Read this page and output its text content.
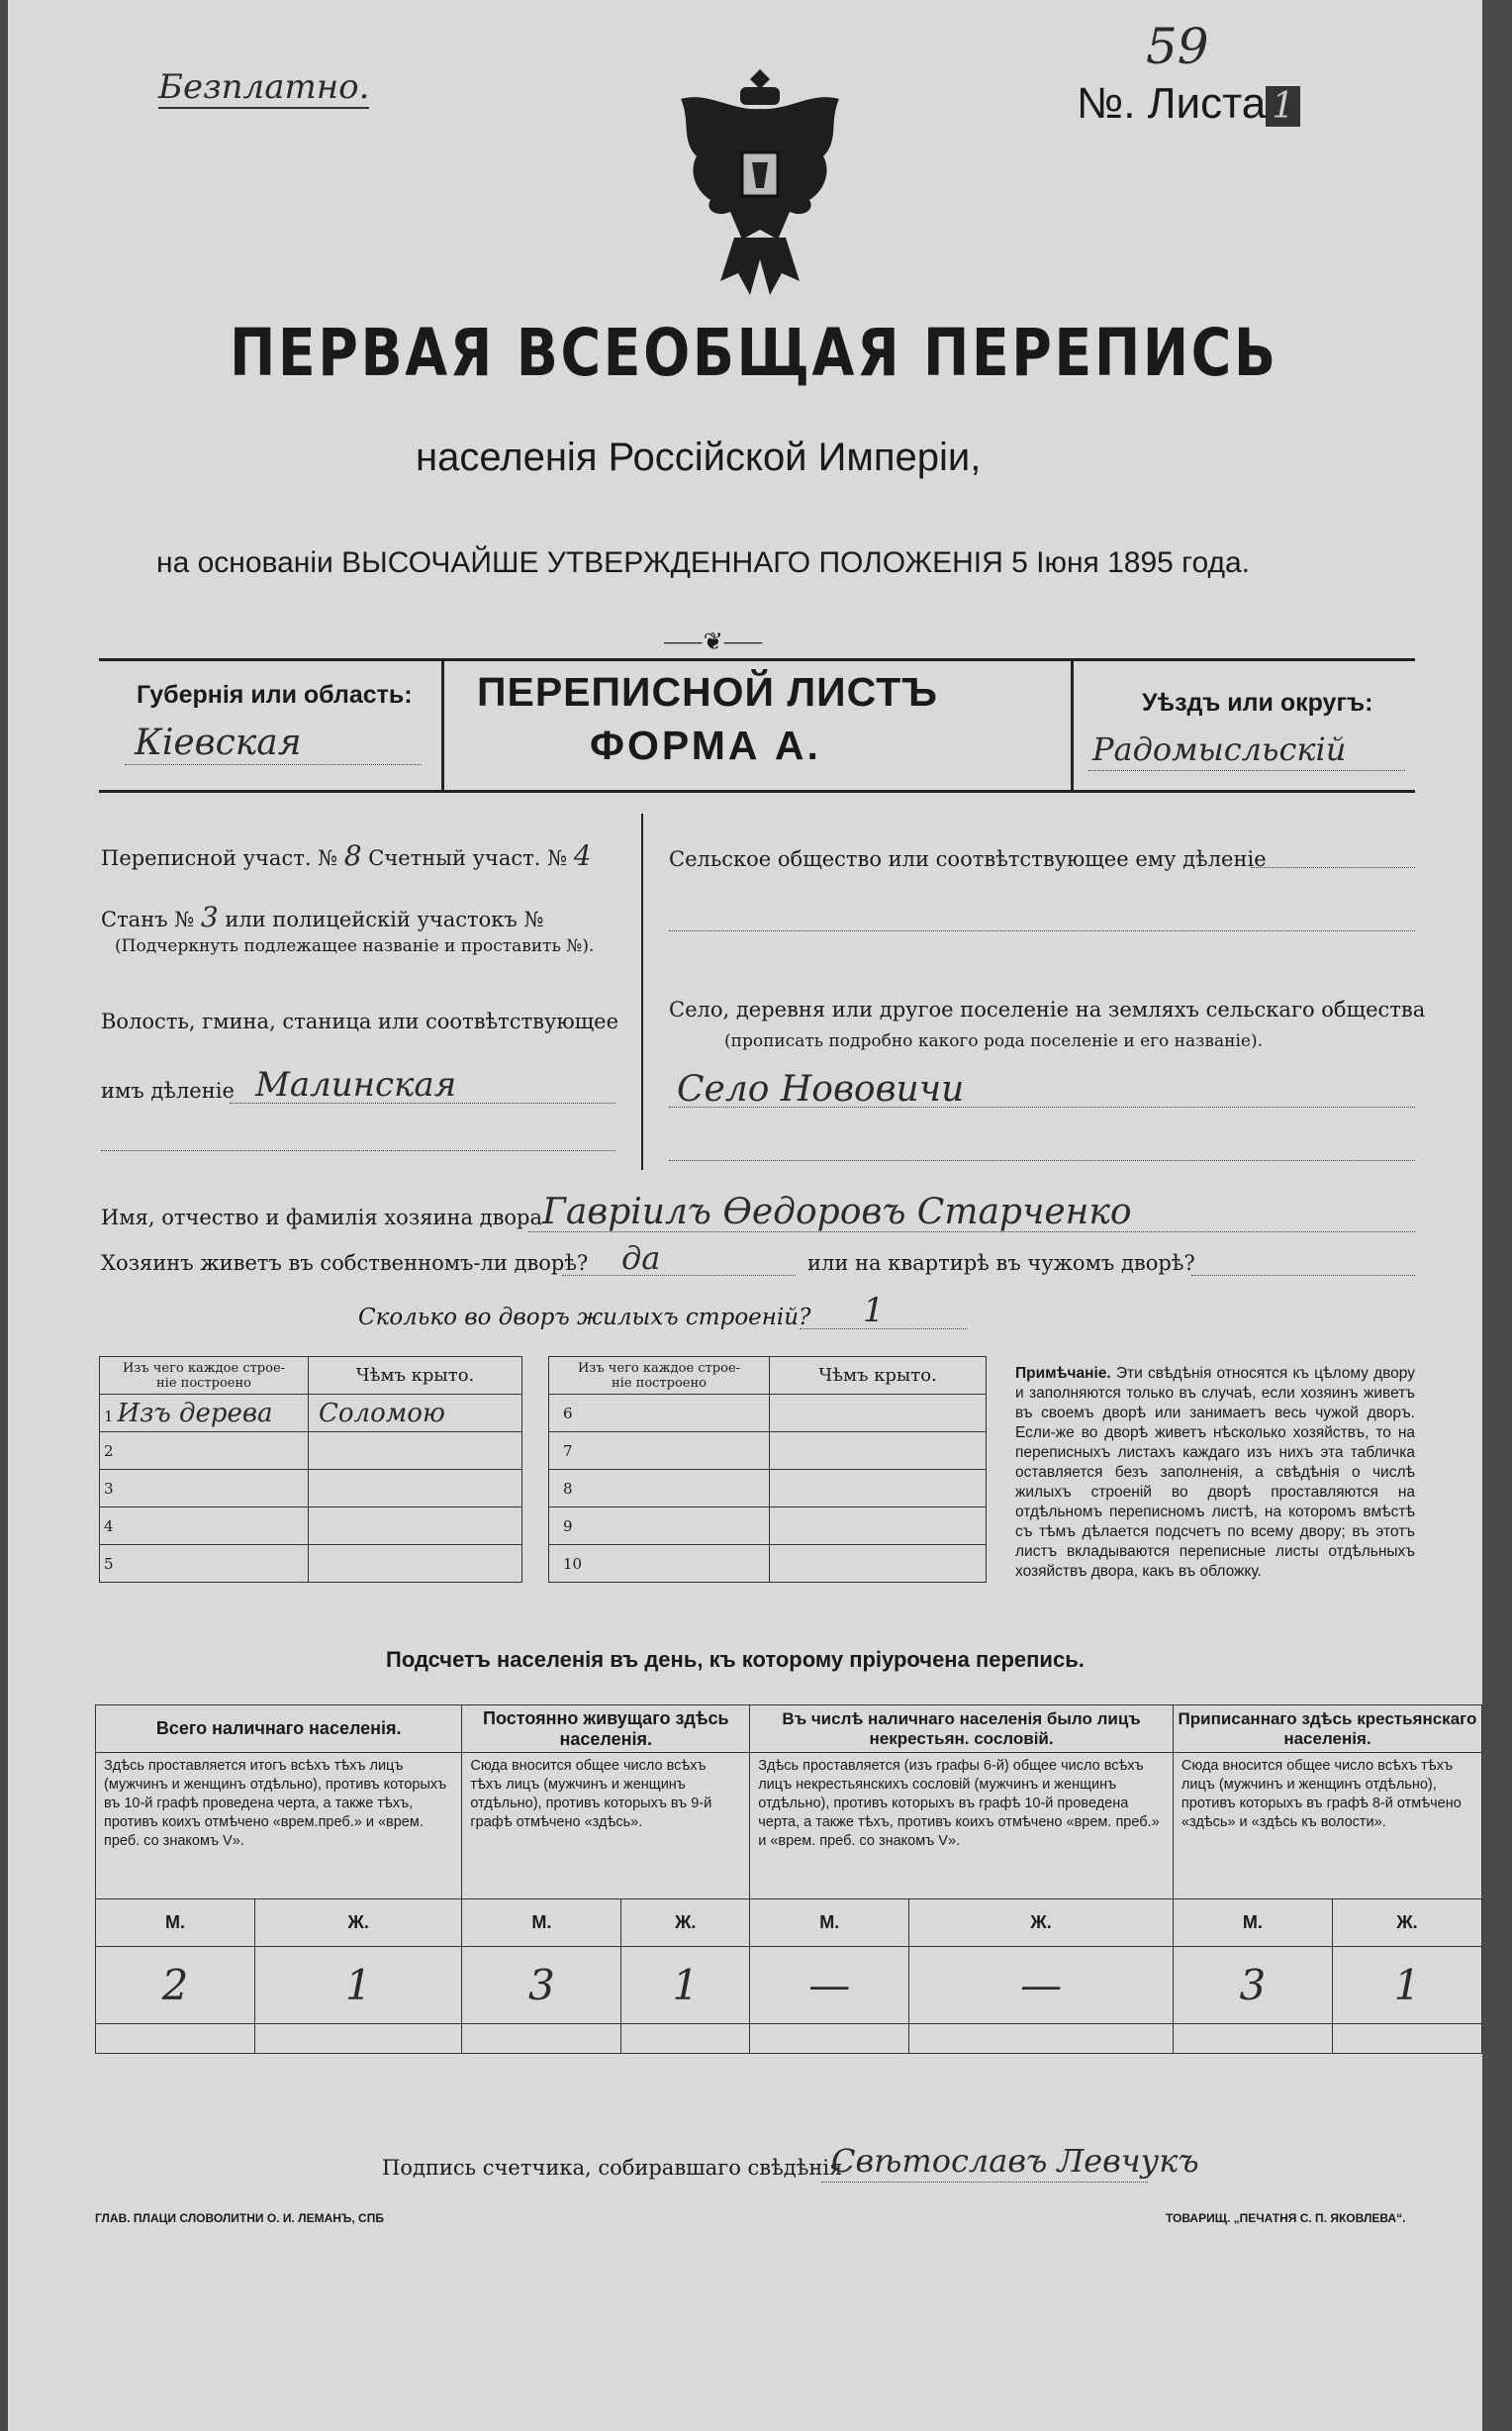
Безплатно.	№. Листа 1
59
ПЕРВАЯ ВСЕОБЩАЯ ПЕРЕПИСЬ
населенія Россійской Имперіи,
на основаніи ВЫСОЧАЙШЕ УТВЕРЖДЕННАГО ПОЛОЖЕНІЯ 5 Іюня 1895 года.
⸺❦⸺
Губернія или область:
Кіевская
ПЕРЕПИСНОЙ ЛИСТЪ
ФОРМА А.
Уѣздъ или округъ:
Радомысльскій
Переписной участ. № 8 Счетный участ. № 4
Станъ № 3 или полицейскій участокъ №
(Подчеркнуть подлежащее названіе и проставить №).
Волость, гмина, станица или соотвѣтствующее
имъ дѣленіе Малинская
Сельское общество или соотвѣтствующее ему дѣленіе
Село, деревня или другое поселеніе на земляхъ сельскаго общества
(прописать подробно какого рода поселеніе и его названіе).
Село Нововичи
Имя, отчество и фамилія хозяина двора Гавріилъ Ѳедоровъ Старченко
Хозяинъ живетъ въ собственномъ-ли дворѣ? да	или на квартирѣ въ чужомъ дворѣ?
Сколько во дворъ жилыхъ строеній? 1
Изъ чего каждое строе-
ніе построено	Чѣмъ крыто.
1 Изъ дерева	Соломою
2	
3	
4	
5	
Изъ чего каждое строе-
ніе построено	Чѣмъ крыто.
6	
7	
8	
9	
10	
Примѣчаніе. Эти свѣдѣнія относятся къ цѣлому двору и заполняются только въ случаѣ, если хозяинъ живетъ въ своемъ дворѣ или занимаетъ весь чужой дворъ. Если-же во дворѣ живетъ нѣсколько хозяйствъ, то на переписныхъ листахъ каждаго изъ нихъ эта табличка оставляется безъ заполненія, а свѣдѣнія о числѣ жилыхъ строеній во дворѣ проставляются на отдѣльномъ переписномъ листѣ, на которомъ вмѣстѣ съ тѣмъ дѣлается подсчетъ по всему двору; въ этотъ листъ вкладываются переписные листы отдѣльныхъ хозяйствъ двора, какъ въ обложку.
Подсчетъ населенія въ день, къ которому пріурочена перепись.
Всего наличнаго населенія.		Постоянно живущаго здѣсь населенія.		Въ числѣ наличнаго населенія было лицъ некрестьян. сословій.		Приписаннаго здѣсь крестьянскаго населенія.	
Здѣсь проставляется итогъ всѣхъ тѣхъ лицъ (мужчинъ и женщинъ отдѣльно), противъ которыхъ въ 10-й графѣ проведена черта, а также тѣхъ, противъ коихъ отмѣчено «врем.преб.» и «врем. преб. со знакомъ V».		Сюда вносится общее число всѣхъ тѣхъ лицъ (мужчинъ и женщинъ отдѣльно), противъ которыхъ въ 9-й графѣ отмѣчено «здѣсь».		Здѣсь проставляется (изъ графы 6-й) общее число всѣхъ лицъ некрестьянскихъ сословій (мужчинъ и женщинъ отдѣльно), противъ которыхъ въ графѣ 10-й проведена черта, а также тѣхъ, противъ коихъ отмѣчено «врем. преб.» и «врем. преб. со знакомъ V».		Сюда вносится общее число всѣхъ тѣхъ лицъ (мужчинъ и женщинъ отдѣльно), противъ которыхъ въ графѣ 8-й отмѣчено «здѣсь» и «здѣсь къ волости».	
М.	Ж.	М.	Ж.	М.	Ж.	М.	Ж.
2	1	3	1	—	—	3	1

Подпись счетчика, собиравшаго свѣдѣнія
Свѣтославъ Левчукъ
ГЛАВ. ПЛАЦИ СЛОВОЛИТНИ О. И. ЛЕМАНЪ, СПБ	ТОВАРИЩ. „ПЕЧАТНЯ С. П. ЯКОВЛЕВА“.
